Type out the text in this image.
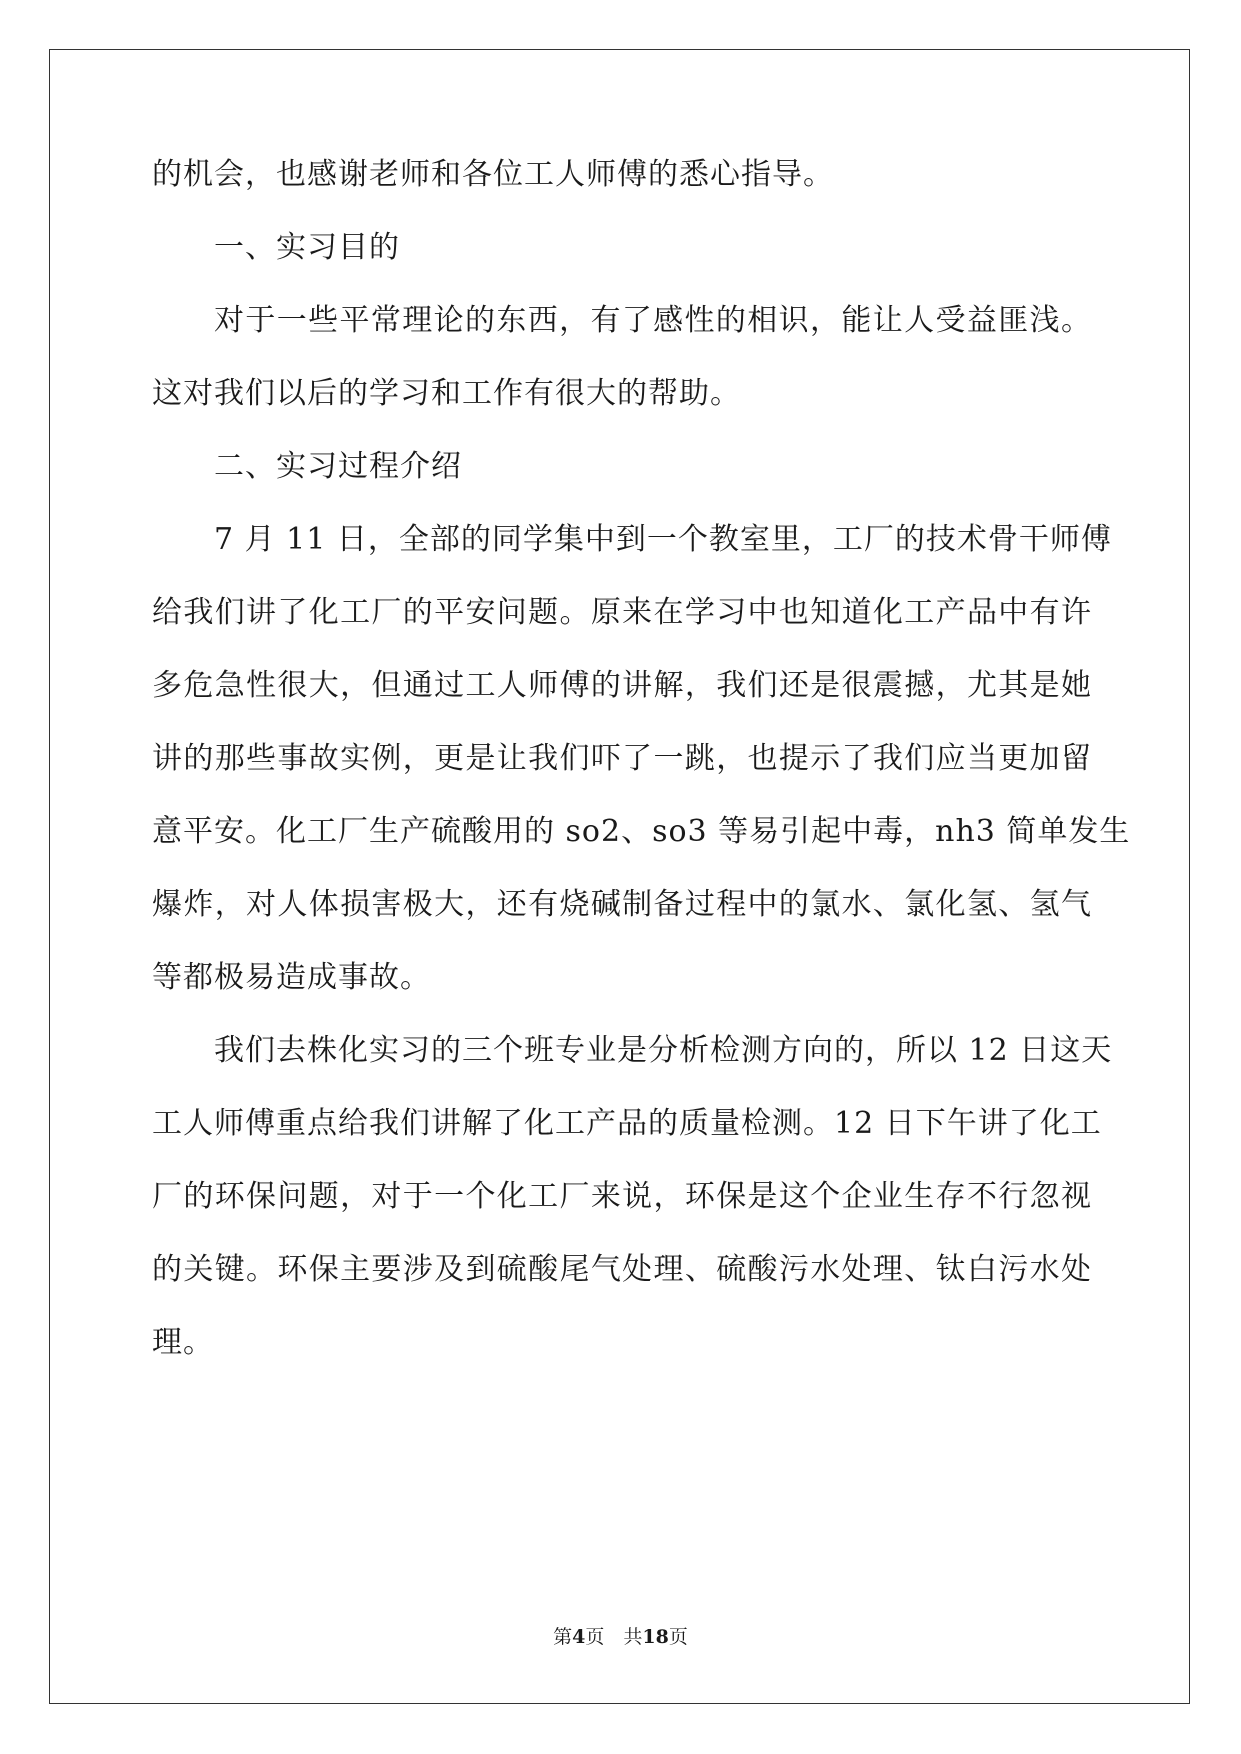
的机会，也感谢老师和各位工人师傅的悉心指导。
一、实习目的
对于一些平常理论的东西，有了感性的相识，能让人受益匪浅。
这对我们以后的学习和工作有很大的帮助。
二、实习过程介绍
7 月 11 日，全部的同学集中到一个教室里，工厂的技术骨干师傅
给我们讲了化工厂的平安问题。原来在学习中也知道化工产品中有许
多危急性很大，但通过工人师傅的讲解，我们还是很震撼，尤其是她
讲的那些事故实例，更是让我们吓了一跳，也提示了我们应当更加留
意平安。化工厂生产硫酸用的 so2、so3 等易引起中毒，nh3 简单发生
爆炸，对人体损害极大，还有烧碱制备过程中的氯水、氯化氢、氢气
等都极易造成事故。
我们去株化实习的三个班专业是分析检测方向的，所以 12 日这天
工人师傅重点给我们讲解了化工产品的质量检测。12 日下午讲了化工
厂的环保问题，对于一个化工厂来说，环保是这个企业生存不行忽视
的关键。环保主要涉及到硫酸尾气处理、硫酸污水处理、钛白污水处
理。
第4页　共18页
